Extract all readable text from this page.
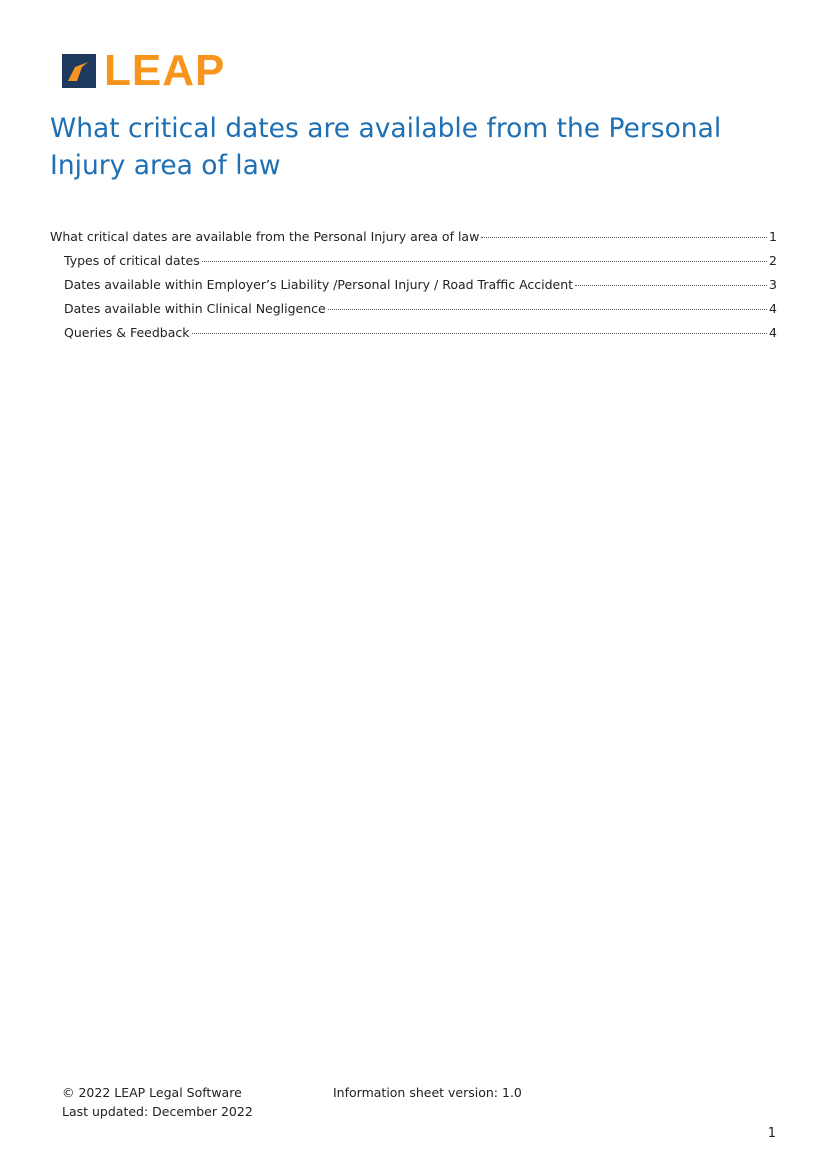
LEAP
What critical dates are available from the Personal Injury area of law
What critical dates are available from the Personal Injury area of law	1
Types of critical dates	2
Dates available within Employer’s Liability /Personal Injury / Road Traffic Accident	3
Dates available within Clinical Negligence	4
Queries & Feedback	4
© 2022 LEAP Legal Software
Last updated: December 2022
Information sheet version: 1.0
1
